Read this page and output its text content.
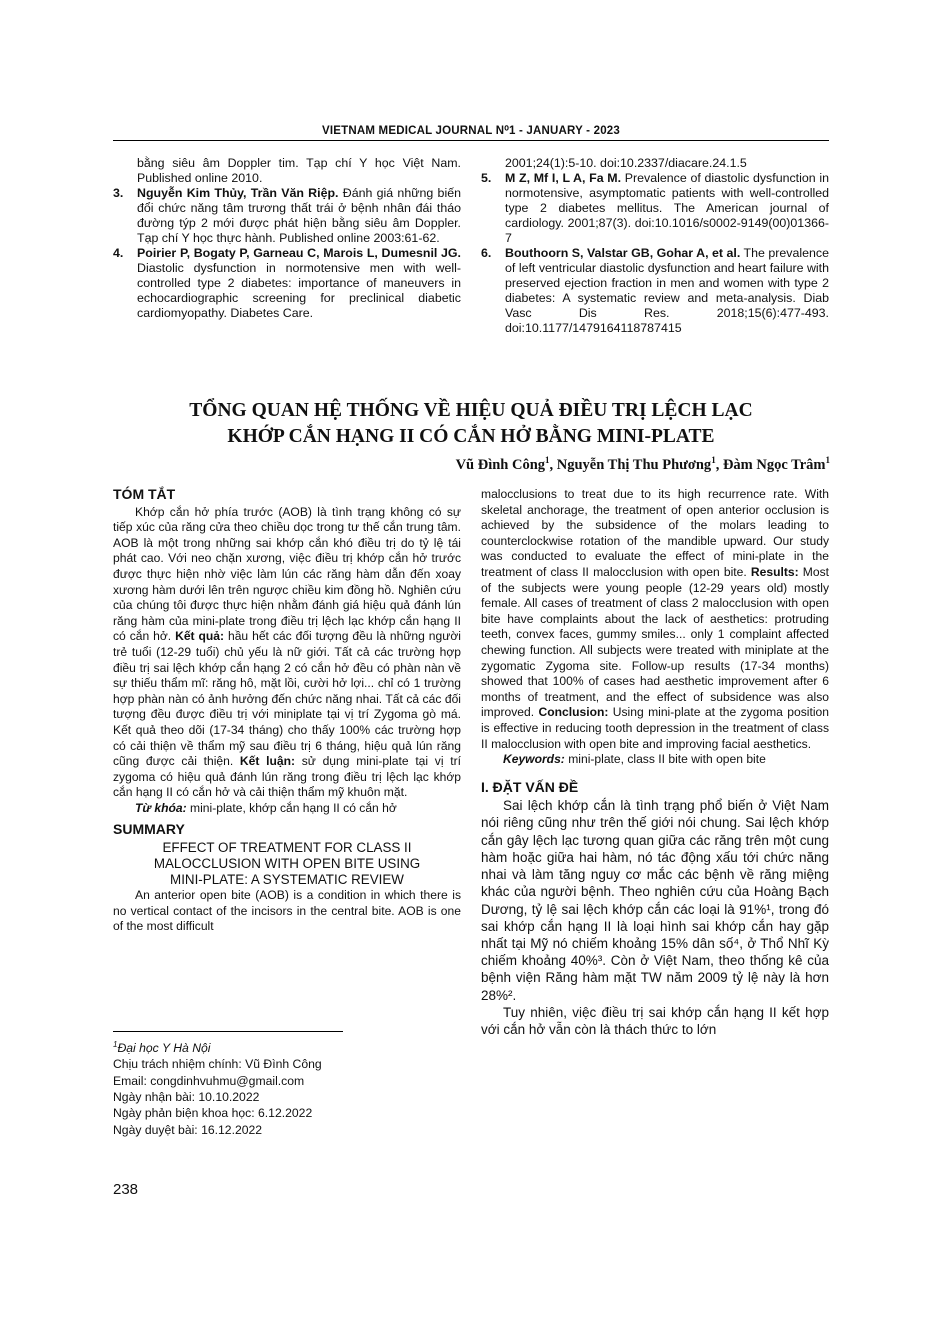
VIETNAM MEDICAL JOURNAL N⁰1 - JANUARY - 2023

bằng siêu âm Doppler tim. Tạp chí Y học Việt Nam. Published online 2010.

3. Nguyễn Kim Thủy, Trần Văn Riệp. Đánh giá những biến đổi chức năng tâm trương thất trái ở bệnh nhân đái tháo đường týp 2 mới được phát hiện bằng siêu âm Doppler. Tạp chí Y học thực hành. Published online 2003:61-62.
4. Poirier P, Bogaty P, Garneau C, Marois L, Dumesnil JG. Diastolic dysfunction in normotensive men with well-controlled type 2 diabetes: importance of maneuvers in echocardiographic screening for preclinical diabetic cardiomyopathy. Diabetes Care.

2001;24(1):5-10. doi:10.2337/diacare.24.1.5

5. M Z, Mf I, L A, Fa M. Prevalence of diastolic dysfunction in normotensive, asymptomatic patients with well-controlled type 2 diabetes mellitus. The American journal of cardiology. 2001;87(3). doi:10.1016/s0002-9149(00)01366-7
6. Bouthoorn S, Valstar GB, Gohar A, et al. The prevalence of left ventricular diastolic dysfunction and heart failure with preserved ejection fraction in men and women with type 2 diabetes: A systematic review and meta-analysis. Diab Vasc Dis Res. 2018;15(6):477-493. doi:10.1177/1479164118787415
TỔNG QUAN HỆ THỐNG VỀ HIỆU QUẢ ĐIỀU TRỊ LỆCH LẠC
KHỚP CẮN HẠNG II CÓ CẮN HỞ BẰNG MINI-PLATE
Vũ Đình Công$^1$, Nguyễn Thị Thu Phương$^1$, Đàm Ngọc Trâm$^1$
TÓM TẮT

Khớp cắn hở phía trước (AOB) là tình trạng không có sự tiếp xúc của răng cửa theo chiều dọc trong tư thế cắn trung tâm. AOB là một trong những sai khớp cắn khó điều trị do tỷ lệ tái phát cao. Với neo chặn xương, việc điều trị khớp cắn hở trước được thực hiện nhờ việc làm lún các răng hàm dẫn đến xoay xương hàm dưới lên trên ngược chiều kim đồng hồ. Nghiên cứu của chúng tôi được thực hiện nhằm đánh giá hiệu quả đánh lún răng hàm của mini-plate trong điều trị lệch lạc khớp cắn hạng II có cắn hở. Kết quả: hầu hết các đối tượng đều là những người trẻ tuổi (12-29 tuổi) chủ yếu là nữ giới. Tất cả các trường hợp điều trị sai lệch khớp cắn hạng 2 có cắn hở đều có phàn nàn về sự thiếu thẩm mĩ: răng hô, mặt lồi, cười hở lợi... chỉ có 1 trường hợp phàn nàn có ảnh hưởng đến chức năng nhai. Tất cả các đối tượng đều được điều trị với miniplate tại vị trí Zygoma gò má. Kết quả theo dõi (17-34 tháng) cho thấy 100% các trường hợp có cải thiện về thẩm mỹ sau điều trị 6 tháng, hiệu quả lún răng cũng được cải thiện. Kết luận: sử dụng mini-plate tại vị trí zygoma có hiệu quả đánh lún răng trong điều trị lệch lạc khớp cắn hạng II có cắn hở và cải thiện thẩm mỹ khuôn mặt.

Từ khóa: mini-plate, khớp cắn hạng II có cắn hở

SUMMARY
EFFECT OF TREATMENT FOR CLASS II
MALOCCLUSION WITH OPEN BITE USING
MINI-PLATE: A SYSTEMATIC REVIEW

An anterior open bite (AOB) is a condition in which there is no vertical contact of the incisors in the central bite. AOB is one of the most difficult

$^1$Đại học Y Hà Nội
Chịu trách nhiệm chính: Vũ Đình Công
Email: congdinhvuhmu@gmail.com
Ngày nhận bài: 10.10.2022
Ngày phản biện khoa học: 6.12.2022
Ngày duyệt bài: 16.12.2022

malocclusions to treat due to its high recurrence rate. With skeletal anchorage, the treatment of open anterior occlusion is achieved by the subsidence of the molars leading to counterclockwise rotation of the mandible upward. Our study was conducted to evaluate the effect of mini-plate in the treatment of class II malocclusion with open bite. Results: Most of the subjects were young people (12-29 years old) mostly female. All cases of treatment of class 2 malocclusion with open bite have complaints about the lack of aesthetics: protruding teeth, convex faces, gummy smiles... only 1 complaint affected chewing function. All subjects were treated with miniplate at the zygomatic Zygoma site. Follow-up results (17-34 months) showed that 100% of cases had aesthetic improvement after 6 months of treatment, and the effect of subsidence was also improved. Conclusion: Using mini-plate at the zygoma position is effective in reducing tooth depression in the treatment of class II malocclusion with open bite and improving facial aesthetics.

Keywords: mini-plate, class II bite with open bite

I. ĐẶT VẤN ĐỀ

Sai lệch khớp cắn là tình trạng phổ biến ở Việt Nam nói riêng cũng như trên thế giới nói chung. Sai lệch khớp cắn gây lệch lạc tương quan giữa các răng trên một cung hàm hoặc giữa hai hàm, nó tác động xấu tới chức năng nhai và làm tăng nguy cơ mắc các bệnh về răng miệng khác của người bệnh. Theo nghiên cứu của Hoàng Bạch Dương, tỷ lệ sai lệch khớp cắn các loại là 91%¹, trong đó sai khớp cắn hạng II là loại hình sai khớp cắn hay gặp nhất tại Mỹ nó chiếm khoảng 15% dân số⁴, ở Thổ Nhĩ Kỳ chiếm khoảng 40%³. Còn ở Việt Nam, theo thống kê của bệnh viện Răng hàm mặt TW năm 2009 tỷ lệ này là hơn 28%².

Tuy nhiên, việc điều trị sai khớp cắn hạng II kết hợp với cắn hở vẫn còn là thách thức to lớn

238
